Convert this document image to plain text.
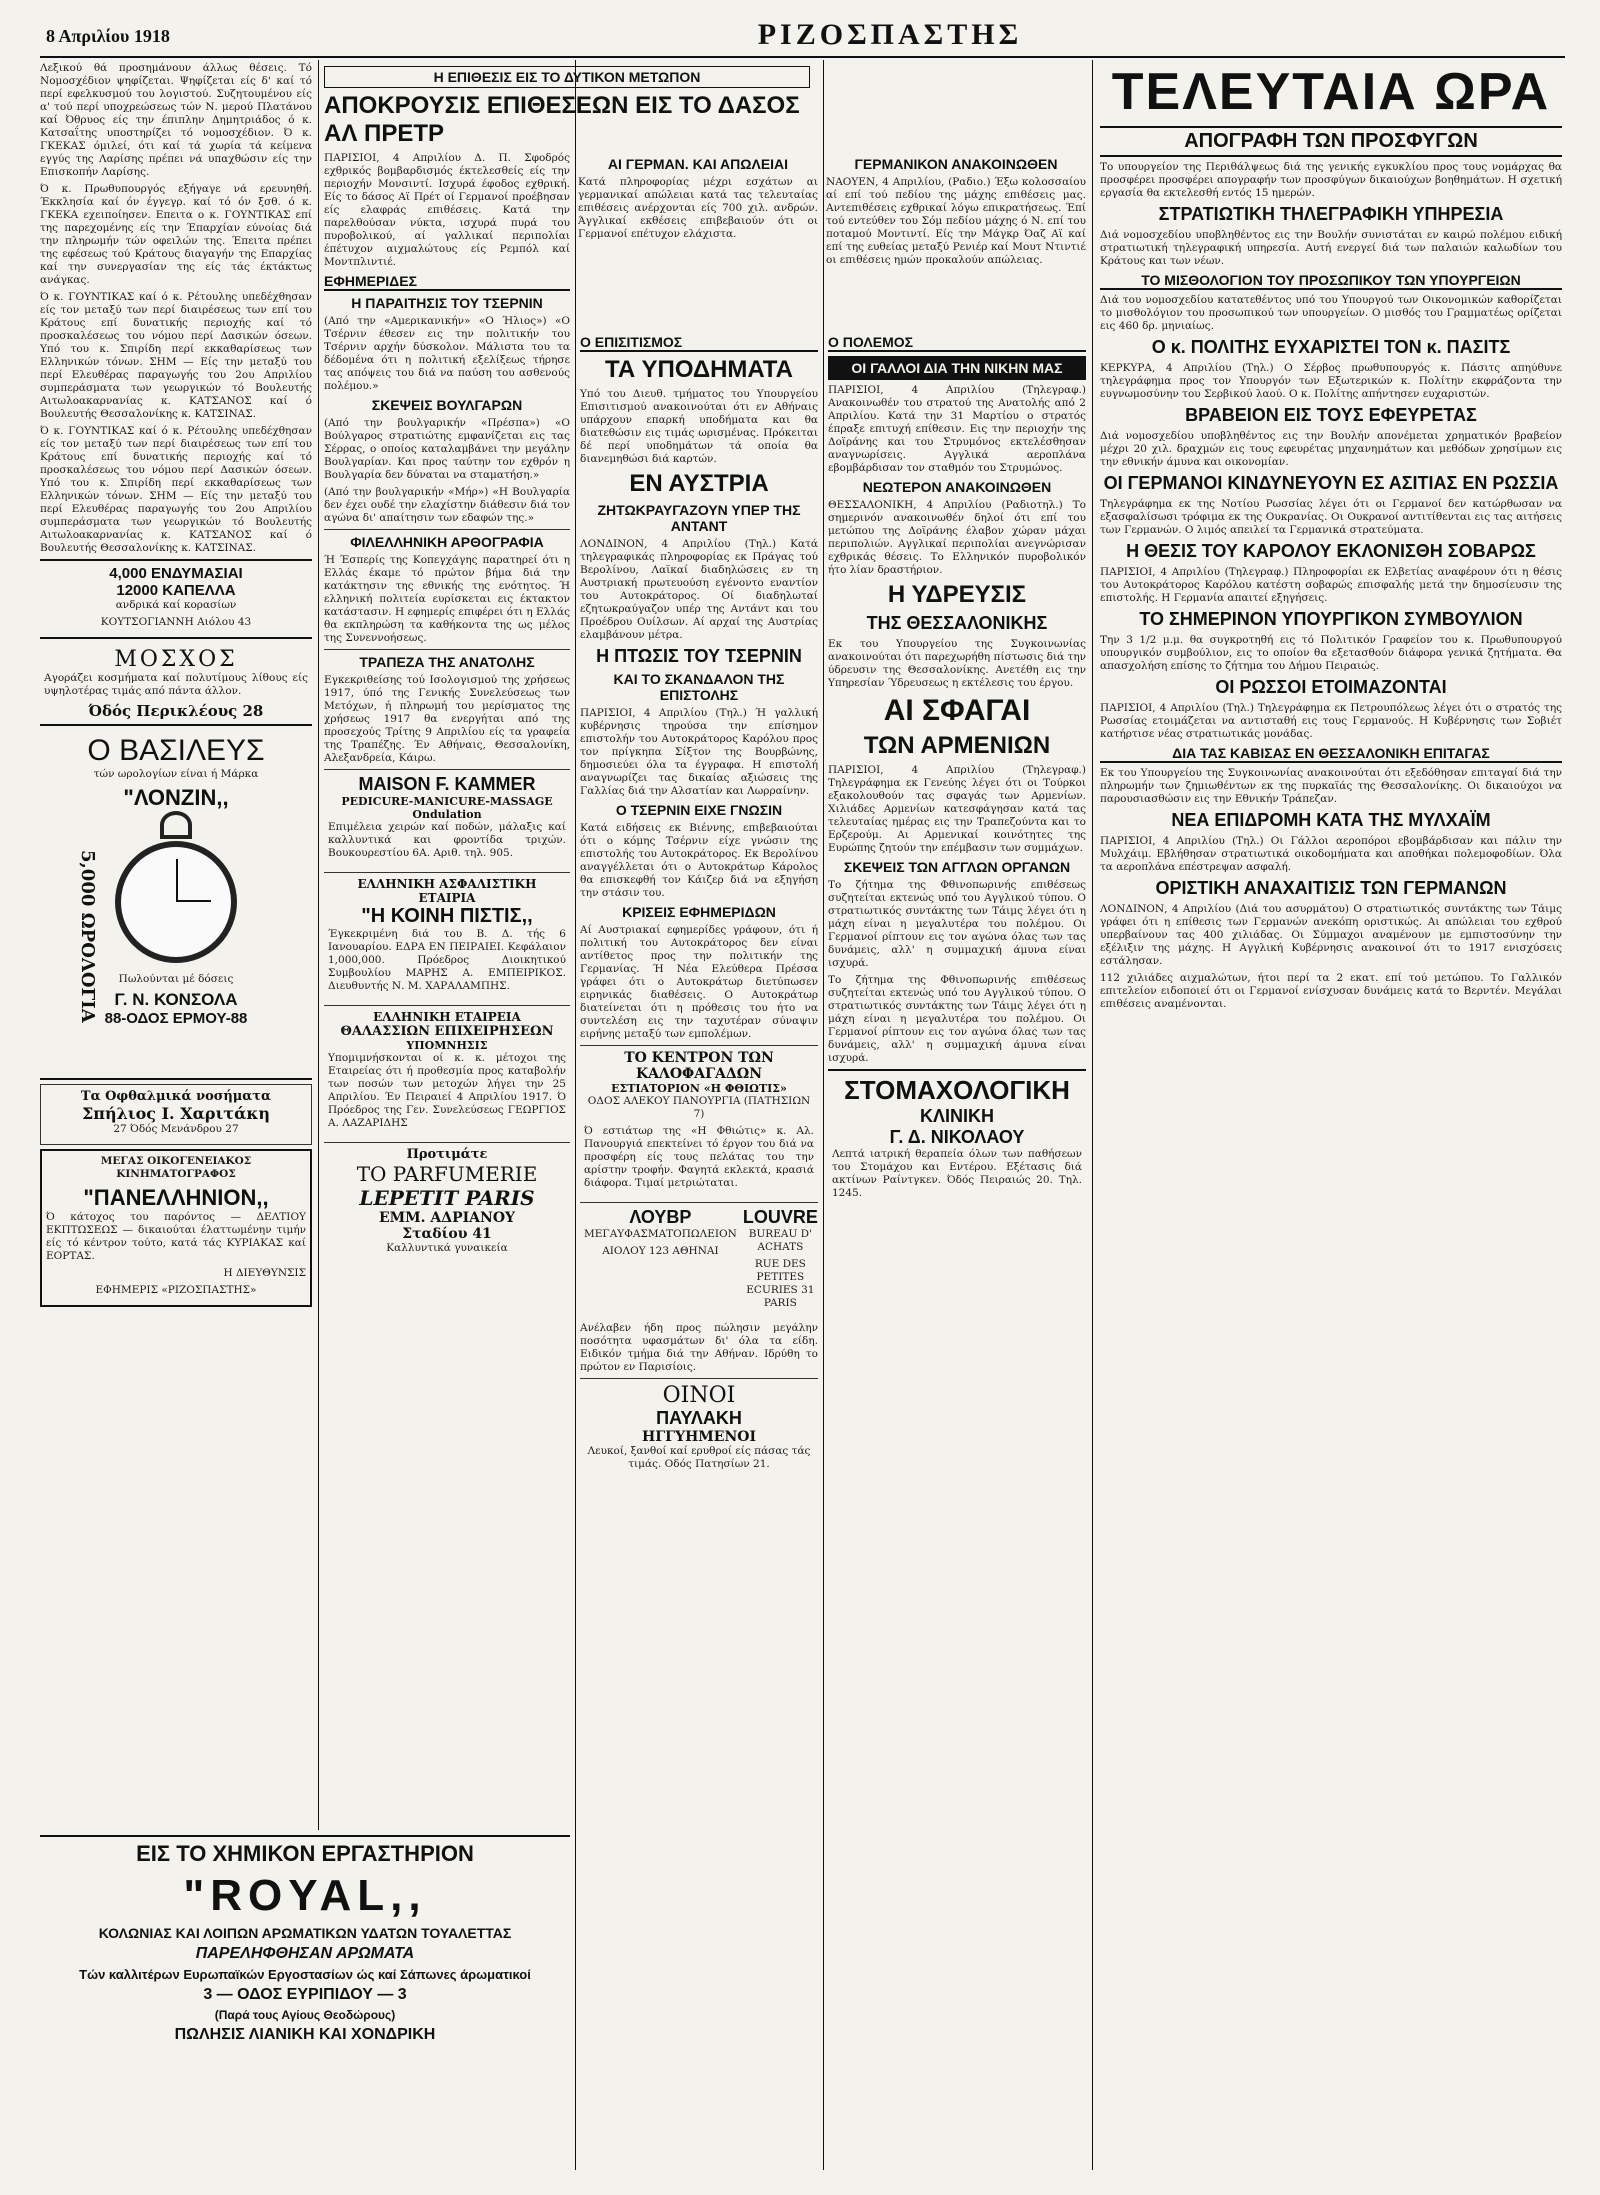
8 Απριλίου 1918	ΡΙΖΟΣΠΑΣΤΗΣ

Λεξικού θά προσημάνουν άλλως θέσεις. Τό Νομοσχέδιον ψηφίζεται. Ψηφίζεται είς δ' καί τό περί εφελκυσμού του λογιστού. Συζητουμένου είς α' τού περί υποχρεώσεως τών Ν. μερού Πλατάνου καί Όθρυος είς την έπιπλην Δημητριάδος ό κ. Κατσαΐτης υποστηρίζει τό νομοσχέδιον. Ό κ. ΓΚΕΚΑΣ όμιλεί, ότι καί τά χωρία τά κείμενα εγγύς της Λαρίσης πρέπει νά υπαχθώσιν είς την Επισκοπήν Λαρίσης.

Ό κ. Πρωθυπουργός εξήγαγε νά ερευνηθή. Έκκλησία καί όν έγγεγρ. καί τό όν ξσθ. ό κ. ΓΚΕΚΑ εχειποίησεν. Επειτα ο κ. ΓΟΥΝΤΙΚΑΣ επί της παρεχομένης είς την Έπαρχίαν εύνοίας διά την πληρωμήν τών οφειλών της. Έπειτα πρέπει της εφέσεως τού Κράτους διαγαγήν της Επαρχίας καί την συνεργασίαν της είς τάς έκτάκτως ανάγκας.

Ό κ. ΓΟΥΝΤΙΚΑΣ καί ό κ. Ρέτουλης υπεδέχθησαν είς τον μεταξύ των περί διαιρέσεως των επί του Κράτους επί δυνατικής περιοχής καί τό προσκαλέσεως του νόμου περί Δασικών όσεων. Υπό του κ. Σπιρίδη περί εκκαθαρίσεως των Ελληνικών τόνων. ΣΗΜ — Είς την μεταξύ του περί Ελευθέρας παραγωγής του 2ου Απριλίου συμπεράσματα των γεωργικών τό Βουλευτής Αιτωλοακαρνανίας κ. ΚΑΤΣΑΝΟΣ καί ό Βουλευτής Θεσσαλονίκης κ. ΚΑΤΣΙΝΑΣ.

Ό κ. ΓΟΥΝΤΙΚΑΣ καί ό κ. Ρέτουλης υπεδέχθησαν είς τον μεταξύ των περί διαιρέσεως των επί του Κράτους επί δυνατικής περιοχής καί τό προσκαλέσεως του νόμου περί Δασικών όσεων. Υπό του κ. Σπιρίδη περί εκκαθαρίσεως των Ελληνικών τόνων. ΣΗΜ — Είς την μεταξύ του περί Ελευθέρας παραγωγής του 2ου Απριλίου συμπεράσματα των γεωργικών τό Βουλευτής Αιτωλοακαρνανίας κ. ΚΑΤΣΑΝΟΣ καί ό Βουλευτής Θεσσαλονίκης κ. ΚΑΤΣΙΝΑΣ.

4,000 ΕΝΔΥΜΑΣΙΑΙ
12000 ΚΑΠΕΛΛΑ
ανδρικά καί κορασίων
ΚΟΥΤΣΟΓΙΑΝΝΗ Αιόλου 43
ΜΟΣΧΟΣ
Αγοράζει κοσμήματα καί πολυτίμους λίθους είς υψηλοτέρας τιμάς από πάντα άλλον.
Όδός Περικλέους 28
Ο ΒΑΣΙΛΕΥΣ
τών ωρολογίων είναι ή Μάρκα
"ΛΟΝΖΙΝ,,
5,000 ΩΡΟΛΟΓΙΑ	Πωλούνται μέ δόσεις
Γ. Ν. ΚΟΝΣΟΛΑ
88-ΟΔΟΣ ΕΡΜΟΥ-88
Τα Οφθαλμικά νοσήματα
Σπήλιος Ι. Χαριτάκη
27 Όδός Μενάνδρου 27
ΜΕΓΑΣ ΟΙΚΟΓΕΝΕΙΑΚΟΣ ΚΙΝΗΜΑΤΟΓΡΑΦΟΣ
"ΠΑΝΕΛΛΗΝΙΟΝ,,
Ό κάτοχος του παρόντος — ΔΕΛΤΙΟΥ ΕΚΠΤΩΣΕΩΣ — δικαιούται έλαττωμένην τιμήν είς τό κέντρον τούτο, κατά τάς ΚΥΡΙΑΚΑΣ καί ΕΟΡΤΑΣ.
Η ΔΙΕΥΘΥΝΣΙΣ
ΕΦΗΜΕΡΙΣ «ΡΙΖΟΣΠΑΣΤΗΣ»
Η ΕΠΙΘΕΣΙΣ ΕΙΣ ΤΟ ΔΥΤΙΚΟΝ ΜΕΤΩΠΟΝ
ΑΠΟΚΡΟΥΣΙΣ ΕΠΙΘΕΣΕΩΝ ΕΙΣ ΤΟ ΔΑΣΟΣ ΑΛ ΠΡΕΤΡ

ΠΑΡΙΣΙΟΙ, 4 Απριλίου Δ. Π. Σφοδρός εχθρικός βομβαρδισμός έκτελεσθείς είς την περιοχήν Μονσιντί. Ισχυρά έφοδος εχθρική. Είς το δάσος Αϊ Πρέτ οί Γερμανοί προέβησαν είς ελαφράς επιθέσεις. Κατά την παρελθούσαν νύκτα, ισχυρά πυρά του πυροβολικού, αί γαλλικαί περιπολίαι έπέτυχον αιχμαλώτους είς Ρεμπόλ καί Μοντπλιντιέ.

ΕΦΗΜΕΡΙΔΕΣ
Η ΠΑΡΑΙΤΗΣΙΣ ΤΟΥ ΤΣΕΡΝΙΝ

(Από την «Αμερικανικήν» «Ο Ήλιος») «Ο Τσέρνιν έθεσεν εις την πολιτικήν του Τσέρνιν αρχήν δύσκολον. Μάλιστα του τα δέδομένα ότι η πολιτική εξελίξεως τήρησε τας απόψεις του διά να παύση του ασθενούς πολέμου.»

ΣΚΕΨΕΙΣ ΒΟΥΛΓΑΡΩΝ

(Από την βουλγαρικήν «Πρέσπα») «Ο Βούλγαρος στρατιώτης εμφανίζεται εις τας Σέρρας, ο οποίος καταλαμβάνει την μεγάλην Βουλγαρίαν. Και προς ταύτην τον εχθρόν η Βουλγαρία δεν δύναται να σταματήση.»

(Από την βουλγαρικήν «Μήρ») «Η Βουλγαρία δεν έχει ουδέ την ελαχίστην διάθεσιν διά τον αγώνα δι' απαίτησιν των εδαφών της.»

ΦΙΛΕΛΛΗΝΙΚΗ ΑΡΘΟΓΡΑΦΙΑ

Ή Έσπερίς της Κοπεγχάγης παρατηρεί ότι η Ελλάς έκαμε τό πρώτον βήμα διά την κατάκτησιν της εθνικής της ενότητος. Ή ελληνική πολιτεία ευρίσκεται εις έκτακτον κατάστασιν. Η εφημερίς επιφέρει ότι η Ελλάς θα εκπληρώση τα καθήκοντα της ως μέλος της Συνεννοήσεως.

ΤΡΑΠΕΖΑ ΤΗΣ ΑΝΑΤΟΛΗΣ

Εγκεκριθείσης τού Ισολογισμού της χρήσεως 1917, ύπό της Γενικής Συνελεύσεως των Μετόχων, ή πληρωμή του μερίσματος της χρήσεως 1917 θα ενεργήται από της προσεχούς Τρίτης 9 Απριλίου είς τα γραφεία της Τραπέζης. Έν Αθήναις, Θεσσαλονίκη, Αλεξανδρεία, Κάιρω.

MAISON F. KAMMER
PEDICURE-MANICURE-MASSAGE Ondulation
Επιμέλεια χειρών καί ποδών, μάλαξις καί καλλυντικά και φροντίδα τριχών. Βουκουρεστίου 6Α. Αριθ. τηλ. 905.
ΕΛΛΗΝΙΚΗ ΑΣΦΑΛΙΣΤΙΚΗ ΕΤΑΙΡΙΑ
"Η ΚΟΙΝΗ ΠΙΣΤΙΣ,,
Έγκεκριμένη διά του Β. Δ. τής 6 Ιανουαρίου. ΕΔΡΑ ΕΝ ΠΕΙΡΑΙΕΙ. Κεφάλαιον 1,000,000. Πρόεδρος Διοικητικού Συμβουλίου ΜΑΡΗΣ Α. ΕΜΠΕΙΡΙΚΟΣ. Διευθυντής Ν. Μ. ΧΑΡΑΛΑΜΠΗΣ.
ΕΛΛΗΝΙΚΗ ΕΤΑΙΡΕΙΑ
ΘΑΛΑΣΣΙΩΝ ΕΠΙΧΕΙΡΗΣΕΩΝ
ΥΠΟΜΝΗΣΙΣ
Υπομιμνήσκονται οί κ. κ. μέτοχοι της Εταιρείας ότι ή προθεσμία προς καταβολήν των ποσών των μετοχών λήγει την 25 Απριλίου. Έν Πειραιεί 4 Απριλίου 1917. Ό Πρόεδρος της Γεν. Συνελεύσεως ΓΕΩΡΓΙΟΣ Α. ΛΑΖΑΡΙΔΗΣ
Προτιμάτε
ΤΟ PARFUMERIE
LEPETIT PARIS
ΕΜΜ. ΑΔΡΙΑΝΟΥ
Σταδίου 41
Καλλυντικά γυναικεία
ΑΙ ΓΕΡΜΑΝ. ΚΑΙ ΑΠΩΛΕΙΑΙ

Κατά πληροφορίας μέχρι εσχάτων αι γερμανικαί απώλειαι κατά τας τελευταίας επιθέσεις ανέρχονται είς 700 χιλ. ανδρών. Άγγλικαί εκθέσεις επιβεβαιούν ότι οι Γερμανοί επέτυχον ελάχιστα.

ΓΕΡΜΑΝΙΚΟΝ ΑΝΑΚΟΙΝΩΘΕΝ

ΝΑΟΥΕΝ, 4 Απριλίου, (Ραδιο.) Έξω κολοσσαίου αί επί τού πεδίου της μάχης επιθέσεις μας. Αντεπιθέσεις εχθρικαί λόγω επικρατήσεως. Έπί τού εντεύθεν του Σόμ πεδίου μάχης ό Ν. επί του ποταμού Μοντιντί. Είς την Μάγκρ Όαζ Αϊ καί επί της ευθείας μεταξύ Ρενιέρ καί Μουτ Ντιντιέ οι επιθέσεις ημών προκαλούν απώλειας.

Ο ΕΠΙΣΙΤΙΣΜΟΣ
ΤΑ ΥΠΟΔΗΜΑΤΑ

Υπό του Διευθ. τμήματος του Υπουργείου Επισιτισμού ανακοινούται ότι εν Αθήναις υπάρχουν επαρκή υποδήματα και θα διατεθώσιν εις τιμάς ωρισμένας. Πρόκειται δέ περί υποδημάτων τά οποία θα διανεμηθώσι διά καρτών.

ΕΝ ΑΥΣΤΡΙΑ
ΖΗΤΩΚΡΑΥΓΑΖΟΥΝ ΥΠΕΡ ΤΗΣ ΑΝΤΑΝΤ

ΛΟΝΔΙΝΟΝ, 4 Απριλίου (Τηλ.) Κατά τηλεγραφικάς πληροφορίας εκ Πράγας τού Βερολίνου, Λαϊκαί διαδηλώσεις εν τη Αυστριακή πρωτευούση εγένοντο εναντίον του Αυτοκράτορος. Οί διαδηλωταί εζητωκραύγαζον υπέρ της Αντάντ και του Προέδρου Ουίλσων. Αί αρχαί της Αυστρίας ελαμβάνουν μέτρα.

Η ΠΤΩΣΙΣ ΤΟΥ ΤΣΕΡΝΙΝ
ΚΑΙ ΤΟ ΣΚΑΝΔΑΛΟΝ ΤΗΣ ΕΠΙΣΤΟΛΗΣ

ΠΑΡΙΣΙΟΙ, 4 Απριλίου (Τηλ.) Ή γαλλική κυβέρνησις τηρούσα την επίσημον επιστολήν του Αυτοκράτορος Καρόλου προς τον πρίγκηπα Σίξτον της Βουρβώνης, δημοσιεύει όλα τα έγγραφα. Η επιστολή αναγνωρίζει τας δικαίας αξιώσεις της Γαλλίας διά την Αλσατίαν και Λωρραίνην.

Ο ΤΣΕΡΝΙΝ ΕΙΧΕ ΓΝΩΣΙΝ

Κατά ειδήσεις εκ Βιέννης, επιβεβαιούται ότι ο κόμης Τσέρνιν είχε γνώσιν της επιστολής του Αυτοκράτορος. Εκ Βερολίνου αναγγέλλεται ότι ο Αυτοκράτωρ Κάρολος θα επισκεφθή τον Κάιζερ διά να εξηγήση την στάσιν του.

ΚΡΙΣΕΙΣ ΕΦΗΜΕΡΙΔΩΝ

Αί Αυστριακαί εφημερίδες γράφουν, ότι ή πολιτική του Αυτοκράτορος δεν είναι αντίθετος προς την πολιτικήν της Γερμανίας. Ή Νέα Ελεύθερα Πρέσσα γράφει ότι ο Αυτοκράτωρ διετύπωσεν ειρηνικάς διαθέσεις. Ο Αυτοκράτωρ διατείνεται ότι η πρόθεσις του ήτο να συντελέση εις την ταχυτέραν σύναψιν ειρήνης μεταξύ των εμπολέμων.

ΤΟ ΚΕΝΤΡΟΝ ΤΩΝ ΚΑΛΟΦΑΓΑΔΩΝ
ΕΣΤΙΑΤΟΡΙΟΝ «Η ΦΘΙΩΤΙΣ»
ΟΔΟΣ ΑΛΕΚΟΥ ΠΑΝΟΥΡΓΙΑ (ΠΑΤΗΣΙΩΝ 7)
Ό εστιάτωρ της «Η Φθιώτις» κ. Αλ. Πανουργιά επεκτείνει τό έργον του διά να προσφέρη είς τους πελάτας του την αρίστην τροφήν. Φαγητά εκλεκτά, κρασιά διάφορα. Τιμαί μετριώταται.
ΛΟΥΒΡ
ΜΕΓΑΥΦΑΣΜΑΤΟΠΩΛΕΙΟΝ
ΑΙΟΛΟΥ 123 ΑΘΗΝΑΙ
LOUVRE
BUREAU D' ACHATS
RUE DES PETITES ECURIES 31 PARIS

Ανέλαβεν ήδη προς πώλησιν μεγάλην ποσότητα υφασμάτων δι' όλα τα είδη. Ειδικόν τμήμα διά την Αθήναν. Ιδρύθη το πρώτον εν Παρισίοις.

ΟΙΝΟΙ
ΠΑΥΛΑΚΗ
ΗΓΓΥΗΜΕΝΟΙ
Λευκοί, ξανθοί καί ερυθροί είς πάσας τάς τιμάς. Οδός Πατησίων 21.
Ο ΠΟΛΕΜΟΣ
ΟΙ ΓΑΛΛΟΙ ΔΙΑ ΤΗΝ ΝΙΚΗΝ ΜΑΣ

ΠΑΡΙΣΙΟΙ, 4 Απριλίου (Τηλεγραφ.) Ανακοινωθέν του στρατού της Ανατολής από 2 Απριλίου. Κατά την 31 Μαρτίου ο στρατός έπραξε επιτυχή επίθεσιν. Εις την περιοχήν της Δοϊράνης και του Στρυμόνος εκτελέσθησαν αναγνωρίσεις. Αγγλικά αεροπλάνα εβομβάρδισαν τον σταθμόν του Στρυμώνος.

ΝΕΩΤΕΡΟΝ ΑΝΑΚΟΙΝΩΘΕΝ

ΘΕΣΣΑΛΟΝΙΚΗ, 4 Απριλίου (Ραδιοτηλ.) Το σημερινόν ανακοινωθέν δηλοί ότι επί του μετώπου της Δοϊράνης έλαβον χώραν μάχαι περιπολιών. Αγγλικαί περιπολίαι ανεγνώρισαν εχθρικάς θέσεις. Το Ελληνικόν πυροβολικόν ήτο λίαν δραστήριον.

Η ΥΔΡΕΥΣΙΣ
ΤΗΣ ΘΕΣΣΑΛΟΝΙΚΗΣ

Εκ του Υπουργείου της Συγκοινωνίας ανακοινούται ότι παρεχωρήθη πίστωσις διά την ύδρευσιν της Θεσσαλονίκης. Ανετέθη εις την Υπηρεσίαν Ύδρευσεως η εκτέλεσις του έργου.

ΑΙ ΣΦΑΓΑΙ
ΤΩΝ ΑΡΜΕΝΙΩΝ

ΠΑΡΙΣΙΟΙ, 4 Απριλίου (Τηλεγραφ.) Τηλεγράφημα εκ Γενεύης λέγει ότι οι Τούρκοι εξακολουθούν τας σφαγάς των Αρμενίων. Χιλιάδες Αρμενίων κατεσφάγησαν κατά τας τελευταίας ημέρας εις την Τραπεζούντα και το Ερζερούμ. Αι Αρμενικαί κοινότητες της Ευρώπης ζητούν την επέμβασιν των συμμάχων.

ΣΚΕΨΕΙΣ ΤΩΝ ΑΓΓΛΩΝ ΟΡΓΑΝΩΝ

Το ζήτημα της Φθινοπωρινής επιθέσεως συζητείται εκτενώς υπό του Αγγλικού τύπου. Ο στρατιωτικός συντάκτης των Τάιμς λέγει ότι η μάχη είναι η μεγαλυτέρα του πολέμου. Οι Γερμανοί ρίπτουν εις τον αγώνα όλας των τας δυνάμεις, αλλ' η συμμαχική άμυνα είναι ισχυρά.

Το ζήτημα της Φθινοπωρινής επιθέσεως συζητείται εκτενώς υπό του Αγγλικού τύπου. Ο στρατιωτικός συντάκτης των Τάιμς λέγει ότι η μάχη είναι η μεγαλυτέρα του πολέμου. Οι Γερμανοί ρίπτουν εις τον αγώνα όλας των τας δυνάμεις, αλλ' η συμμαχική άμυνα είναι ισχυρά.

ΣΤΟΜΑΧΟΛΟΓΙΚΗ
ΚΛΙΝΙΚΗ
Γ. Δ. ΝΙΚΟΛΑΟΥ
Λεπτά ιατρική θεραπεία όλων των παθήσεων του Στομάχου και Εντέρου. Εξέτασις διά ακτίνων Ραίντγκεν. Όδός Πειραιώς 20. Τηλ. 1245.
ΤΕΛΕΥΤΑΙΑ ΩΡΑ
ΑΠΟΓΡΑΦΗ ΤΩΝ ΠΡΟΣΦΥΓΩΝ

Το υπουργείον της Περιθάλψεως διά της γενικής εγκυκλίου προς τους νομάρχας θα προσφέρει προσφέρει απογραφήν των προσφύγων δικαιούχων βοηθημάτων. Η σχετική εργασία θα εκτελεσθή εντός 15 ημερών.

ΣΤΡΑΤΙΩΤΙΚΗ ΤΗΛΕΓΡΑΦΙΚΗ ΥΠΗΡΕΣΙΑ

Διά νομοσχεδίου υποβληθέντος εις την Βουλήν συνιστάται εν καιρώ πολέμου ειδική στρατιωτική τηλεγραφική υπηρεσία. Αυτή ενεργεί διά των παλαιών καλωδίων του Κράτους και των νέων.

ΤΟ ΜΙΣΘΟΛΟΓΙΟΝ ΤΟΥ ΠΡΟΣΩΠΙΚΟΥ ΤΩΝ ΥΠΟΥΡΓΕΙΩΝ

Διά του νομοσχεδίου κατατεθέντος υπό του Υπουργού των Οικονομικών καθορίζεται το μισθολόγιον του προσωπικού των υπουργείων. Ο μισθός του Γραμματέως ορίζεται εις 460 δρ. μηνιαίως.

Ο κ. ΠΟΛΙΤΗΣ ΕΥΧΑΡΙΣΤΕΙ ΤΟΝ κ. ΠΑΣΙΤΣ

ΚΕΡΚΥΡΑ, 4 Απριλίου (Τηλ.) Ο Σέρβος πρωθυπουργός κ. Πάσιτς απηύθυνε τηλεγράφημα προς τον Υπουργόν των Εξωτερικών κ. Πολίτην εκφράζοντα την ευγνωμοσύνην του Σερβικού λαού. Ο κ. Πολίτης απήντησεν ευχαριστών.

ΒΡΑΒΕΙΟΝ ΕΙΣ ΤΟΥΣ ΕΦΕΥΡΕΤΑΣ

Διά νομοσχεδίου υποβληθέντος εις την Βουλήν απονέμεται χρηματικόν βραβείον μέχρι 20 χιλ. δραχμών εις τους εφευρέτας μηχανημάτων και μεθόδων χρησίμων εις την εθνικήν άμυνα και οικονομίαν.

ΟΙ ΓΕΡΜΑΝΟΙ ΚΙΝΔΥΝΕΥΟΥΝ ΕΣ ΑΣΙΤΙΑΣ ΕΝ ΡΩΣΣΙΑ

Τηλεγράφημα εκ της Νοτίου Ρωσσίας λέγει ότι οι Γερμανοί δεν κατώρθωσαν να εξασφαλίσωσι τρόφιμα εκ της Ουκρανίας. Οι Ουκρανοί αντιτίθενται εις τας αιτήσεις των Γερμανών. Ο λιμός απειλεί τα Γερμανικά στρατεύματα.

Η ΘΕΣΙΣ ΤΟΥ ΚΑΡΟΛΟΥ ΕΚΛΟΝΙΣΘΗ ΣΟΒΑΡΩΣ

ΠΑΡΙΣΙΟΙ, 4 Απριλίου (Τηλεγραφ.) Πληροφορίαι εκ Ελβετίας αναφέρουν ότι η θέσις του Αυτοκράτορος Καρόλου κατέστη σοβαρώς επισφαλής μετά την δημοσίευσιν της επιστολής. Η Γερμανία απαιτεί εξηγήσεις.

ΤΟ ΣΗΜΕΡΙΝΟΝ ΥΠΟΥΡΓΙΚΟΝ ΣΥΜΒΟΥΛΙΟΝ

Την 3 1/2 μ.μ. θα συγκροτηθή εις τό Πολιτικόν Γραφείον του κ. Πρωθυπουργού υπουργικόν συμβούλιον, εις το οποίον θα εξετασθούν διάφορα γενικά ζητήματα. Θα απασχολήση επίσης το ζήτημα του Δήμου Πειραιώς.

ΟΙ ΡΩΣΣΟΙ ΕΤΟΙΜΑΖΟΝΤΑΙ

ΠΑΡΙΣΙΟΙ, 4 Απριλίου (Τηλ.) Τηλεγράφημα εκ Πετρουπόλεως λέγει ότι ο στρατός της Ρωσσίας ετοιμάζεται να αντισταθή εις τους Γερμανούς. Η Κυβέρνησις των Σοβιέτ κατήρτισε νέας στρατιωτικάς μονάδας.

ΔΙΑ ΤΑΣ ΚΑΒΙΣΑΣ ΕΝ ΘΕΣΣΑΛΟΝΙΚΗ ΕΠΙΤΑΓΑΣ

Εκ του Υπουργείου της Συγκοινωνίας ανακοινούται ότι εξεδόθησαν επιταγαί διά την πληρωμήν των ζημιωθέντων εκ της πυρκαϊάς της Θεσσαλονίκης. Οι δικαιούχοι να παρουσιασθώσιν εις την Εθνικήν Τράπεζαν.

ΝΕΑ ΕΠΙΔΡΟΜΗ ΚΑΤΑ ΤΗΣ ΜΥΛΧΑΪΜ

ΠΑΡΙΣΙΟΙ, 4 Απριλίου (Τηλ.) Οι Γάλλοι αεροπόροι εβομβάρδισαν και πάλιν την Μυλχάιμ. Εβλήθησαν στρατιωτικά οικοδομήματα και αποθήκαι πολεμοφοδίων. Όλα τα αεροπλάνα επέστρεψαν ασφαλή.

ΟΡΙΣΤΙΚΗ ΑΝΑΧΑΙΤΙΣΙΣ ΤΩΝ ΓΕΡΜΑΝΩΝ

ΛΟΝΔΙΝΟΝ, 4 Απριλίου (Διά του ασυρμάτου) Ο στρατιωτικός συντάκτης των Τάιμς γράφει ότι η επίθεσις των Γερμανών ανεκόπη οριστικώς. Αι απώλειαι του εχθρού υπερβαίνουν τας 400 χιλιάδας. Οι Σύμμαχοι αναμένουν με εμπιστοσύνην την εξέλιξιν της μάχης. Η Αγγλική Κυβέρνησις ανακοινοί ότι το 1917 ενισχύσεις εστάλησαν.

112 χιλιάδες αιχμαλώτων, ήτοι περί τα 2 εκατ. επί τού μετώπου. Το Γαλλικόν επιτελείον ειδοποιεί ότι οι Γερμανοί ενίσχυσαν δυνάμεις κατά το Βερντέν. Μεγάλαι επιθέσεις αναμένονται.

ΕΙΣ ΤΟ ΧΗΜΙΚΟΝ ΕΡΓΑΣΤΗΡΙΟΝ
"ROYAL,,
ΚΟΛΩΝΙΑΣ ΚΑΙ ΛΟΙΠΩΝ ΑΡΩΜΑΤΙΚΩΝ ΥΔΑΤΩΝ ΤΟΥΑΛΕΤΤΑΣ
ΠΑΡΕΛΗΦΘΗΣΑΝ ΑΡΩΜΑΤΑ
Τών καλλιτέρων Ευρωπαϊκών Εργοστασίων ώς καί Σάπωνες άρωματικοί
3 — ΟΔΟΣ ΕΥΡΙΠΙΔΟΥ — 3
(Παρά τους Αγίους Θεοδώρους)
ΠΩΛΗΣΙΣ ΛΙΑΝΙΚΗ ΚΑΙ ΧΟΝΔΡΙΚΗ
